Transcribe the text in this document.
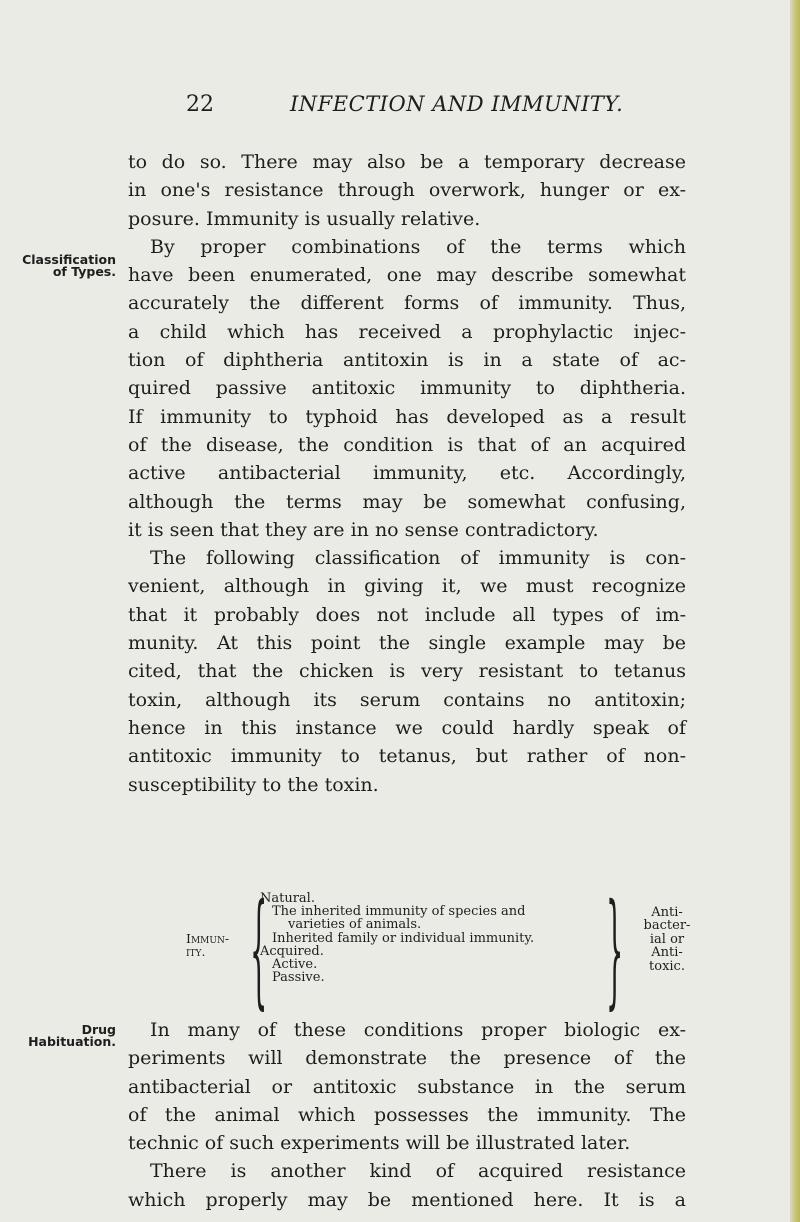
22	INFECTION AND IMMUNITY.
Classification
of Types.
to do so. There may also be a temporary decrease
in one's resistance through overwork, hunger or ex-
posure. Immunity is usually relative.
By proper combinations of the terms which
have been enumerated, one may describe somewhat
accurately the different forms of immunity. Thus,
a child which has received a prophylactic injec-
tion of diphtheria antitoxin is in a state of ac-
quired passive antitoxic immunity to diphtheria.
If immunity to typhoid has developed as a result
of the disease, the condition is that of an acquired
active antibacterial immunity, etc. Accordingly,
although the terms may be somewhat confusing,
it is seen that they are in no sense contradictory.
The following classification of immunity is con-
venient, although in giving it, we must recognize
that it probably does not include all types of im-
munity. At this point the single example may be
cited, that the chicken is very resistant to tetanus
toxin, although its serum contains no antitoxin;
hence in this instance we could hardly speak of
antitoxic immunity to tetanus, but rather of non-
susceptibility to the toxin.
Immun-
ity. {
Natural.
The inherited immunity of species and
varieties of animals.
Inherited family or individual immunity.
Acquired.
Active.
Passive.	}	Anti-
bacter-
ial or
Anti-
toxic.
Drug
Habituation.
In many of these conditions proper biologic ex-
periments will demonstrate the presence of the
antibacterial or antitoxic substance in the serum
of the animal which possesses the immunity. The
technic of such experiments will be illustrated later.
There is another kind of acquired resistance
which properly may be mentioned here. It is a
